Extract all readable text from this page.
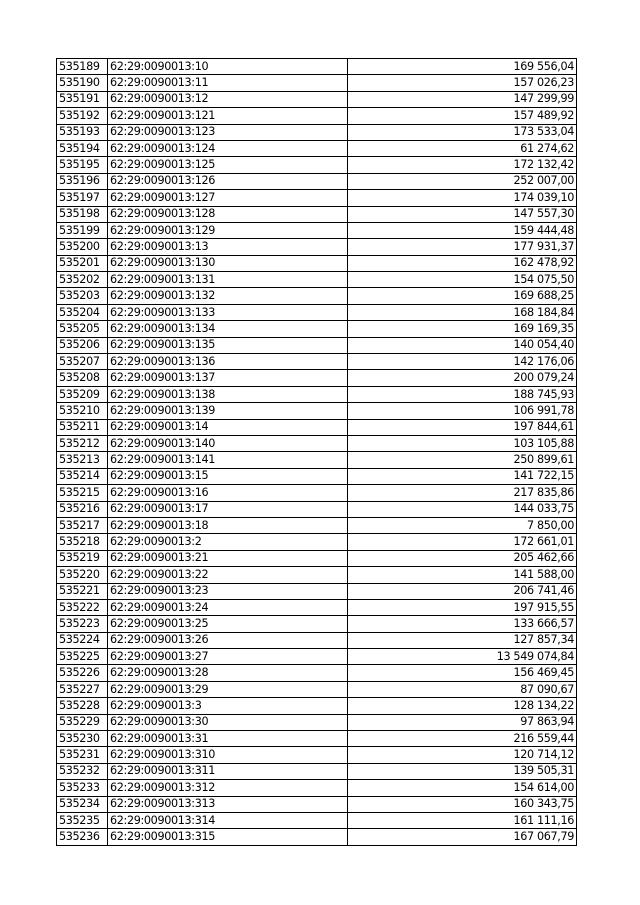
535189	62:29:0090013:10	169 556,04
535190	62:29:0090013:11	157 026,23
535191	62:29:0090013:12	147 299,99
535192	62:29:0090013:121	157 489,92
535193	62:29:0090013:123	173 533,04
535194	62:29:0090013:124	61 274,62
535195	62:29:0090013:125	172 132,42
535196	62:29:0090013:126	252 007,00
535197	62:29:0090013:127	174 039,10
535198	62:29:0090013:128	147 557,30
535199	62:29:0090013:129	159 444,48
535200	62:29:0090013:13	177 931,37
535201	62:29:0090013:130	162 478,92
535202	62:29:0090013:131	154 075,50
535203	62:29:0090013:132	169 688,25
535204	62:29:0090013:133	168 184,84
535205	62:29:0090013:134	169 169,35
535206	62:29:0090013:135	140 054,40
535207	62:29:0090013:136	142 176,06
535208	62:29:0090013:137	200 079,24
535209	62:29:0090013:138	188 745,93
535210	62:29:0090013:139	106 991,78
535211	62:29:0090013:14	197 844,61
535212	62:29:0090013:140	103 105,88
535213	62:29:0090013:141	250 899,61
535214	62:29:0090013:15	141 722,15
535215	62:29:0090013:16	217 835,86
535216	62:29:0090013:17	144 033,75
535217	62:29:0090013:18	7 850,00
535218	62:29:0090013:2	172 661,01
535219	62:29:0090013:21	205 462,66
535220	62:29:0090013:22	141 588,00
535221	62:29:0090013:23	206 741,46
535222	62:29:0090013:24	197 915,55
535223	62:29:0090013:25	133 666,57
535224	62:29:0090013:26	127 857,34
535225	62:29:0090013:27	13 549 074,84
535226	62:29:0090013:28	156 469,45
535227	62:29:0090013:29	87 090,67
535228	62:29:0090013:3	128 134,22
535229	62:29:0090013:30	97 863,94
535230	62:29:0090013:31	216 559,44
535231	62:29:0090013:310	120 714,12
535232	62:29:0090013:311	139 505,31
535233	62:29:0090013:312	154 614,00
535234	62:29:0090013:313	160 343,75
535235	62:29:0090013:314	161 111,16
535236	62:29:0090013:315	167 067,79
